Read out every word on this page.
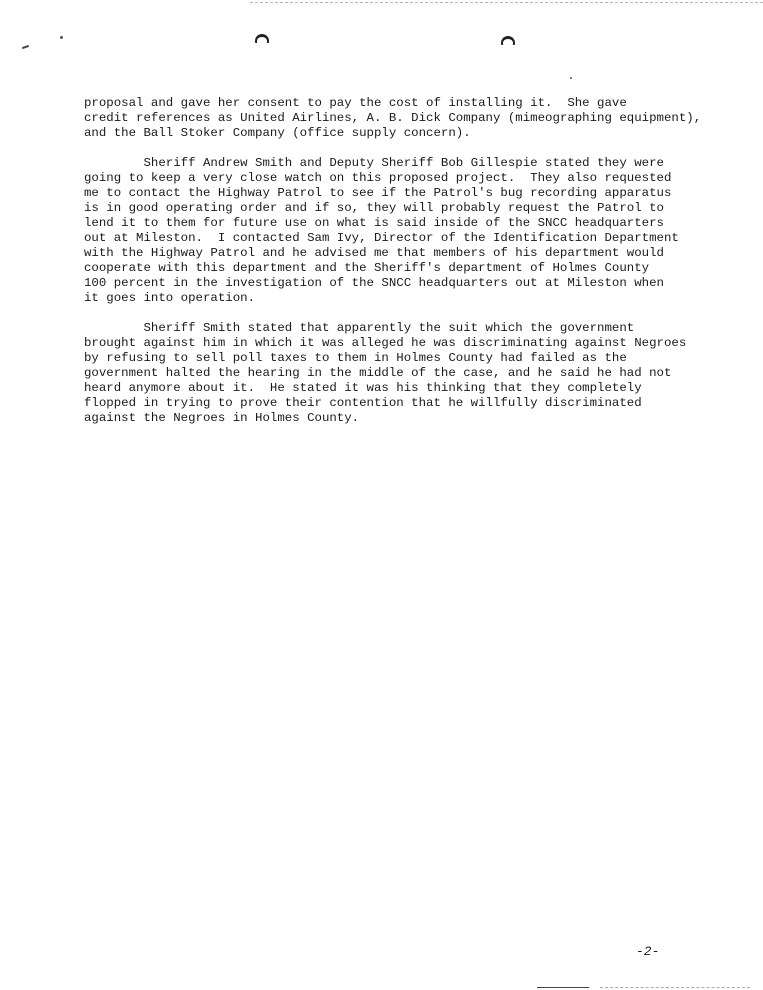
proposal and gave her consent to pay the cost of installing it.  She gave
credit references as United Airlines, A. B. Dick Company (mimeographing equipment),
and the Ball Stoker Company (office supply concern).

Sheriff Andrew Smith and Deputy Sheriff Bob Gillespie stated they were
going to keep a very close watch on this proposed project.  They also requested
me to contact the Highway Patrol to see if the Patrol's bug recording apparatus
is in good operating order and if so, they will probably request the Patrol to
lend it to them for future use on what is said inside of the SNCC headquarters
out at Mileston.  I contacted Sam Ivy, Director of the Identification Department
with the Highway Patrol and he advised me that members of his department would
cooperate with this department and the Sheriff's department of Holmes County
100 percent in the investigation of the SNCC headquarters out at Mileston when
it goes into operation.

Sheriff Smith stated that apparently the suit which the government
brought against him in which it was alleged he was discriminating against Negroes
by refusing to sell poll taxes to them in Holmes County had failed as the
government halted the hearing in the middle of the case, and he said he had not
heard anymore about it.  He stated it was his thinking that they completely
flopped in trying to prove their contention that he willfully discriminated
against the Negroes in Holmes County.

-2-
